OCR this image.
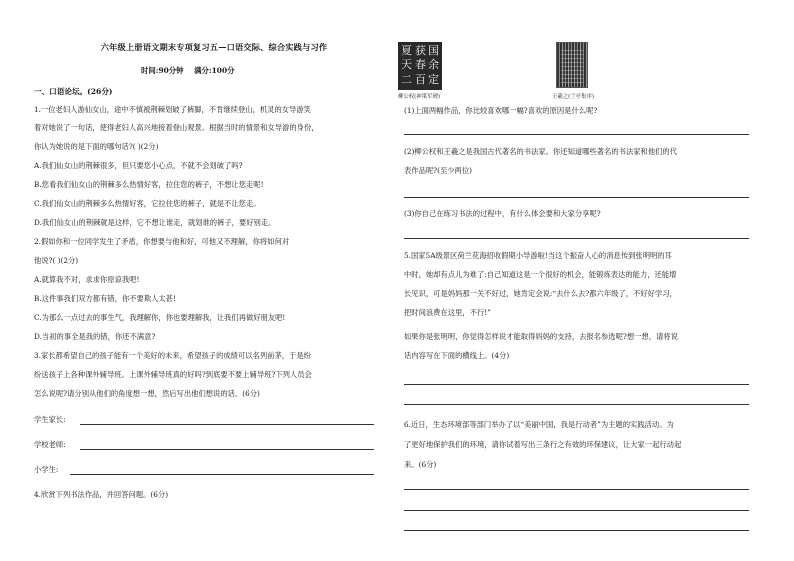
六年级上册语文期末专项复习五—口语交际、综合实践与习作
时间:90分钟 满分:100分
一、口语论坛。(26分)
1.一位老妇人游仙女山，途中不慎被荆棘划破了裤脚，不肯继续登山，机灵的女导游笑
着对她说了一句话，使得老妇人高兴地接着登山观景。根据当时的情景和女导游的身份，
你认为她说的是下面的哪句话?( )(2分)
A.我们仙女山的荆棘很多，但只要您小心点，不就不会划破了吗?
B.您看我们仙女山的荆棘多么热情好客，拉住您的裤子，不想让您走呢!
C.我们仙女山的荆棘多么热情好客，它拉住您的裤子，就是不让您走。
D.我们仙女山的荆棘就是这样，它不想让谁走，就划谁的裤子，要好别走。
2.假如你和一位同学发生了矛盾，你想要与他和好，可他又不理解，你将如何对
他说?( )(2分)
A.就算我不对，求求你原谅我吧!
B.这件事我们双方都有错，你不要欺人太甚!
C.为那么一点过去的事生气，我理解你，你也要理解我，让我们再做好朋友吧!
D.当初的事全是我的错，你还不满意?
3.家长都希望自己的孩子能有一个美好的未来，希望孩子的成绩可以名列前茅，于是纷
纷送孩子上各种课外辅导班。上课外辅导班真的好吗?到底要不要上辅导班?下列人员会
怎么说呢?请分别从他们的角度想一想，然后写出他们想说的话。(6分)
学生家长:
学校老师:
小学生:
4.欣赏下列书法作品，并回答问题。(6分)
夏
天
获
二
春
国
百
余
定
柳公权(神策军碑)	王羲之(兰亭集序)
(1)上面两幅作品，你比较喜欢哪一幅?喜欢的原因是什么呢?
(2)柳公权和王羲之是我国古代著名的书法家。你还知道哪些著名的书法家和他们的代
表作品呢?(至少两位)
(3)你自己在练习书法的过程中，有什么体会要和大家分享呢?
5.国家5A级景区荷兰花海招收假期小导游啦!当这个振奋人心的消息传到张明明的耳
中时，她却有点儿为难了:自己知道这是一个很好的机会，能锻炼表达的能力，还能增
长见识，可是妈妈那一关不好过，她肯定会说:“去什么去?都六年级了，不好好学习，
把时间浪费在这里，不行!”
如果你是张明明，你觉得怎样说才能取得妈妈的支持，去报名参选呢?想一想，请将说
话内容写在下面的横线上。(4分)
6.近日，生态环境部等部门举办了以“美丽中国，我是行动者”为主题的实践活动。为
了更好地保护我们的环境，请你试着写出三条行之有效的环保建议，让大家一起行动起
来。(6分)
